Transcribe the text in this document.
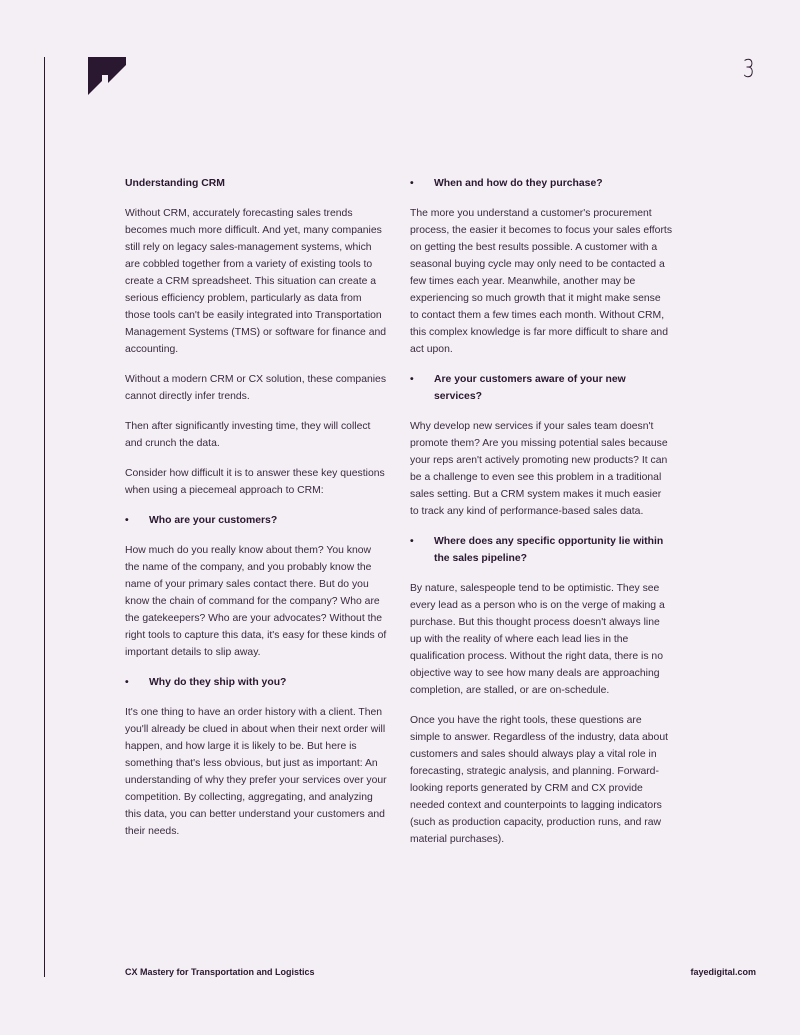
3

Understanding CRM

Without CRM, accurately forecasting sales trends becomes much more difficult. And yet, many companies still rely on legacy sales-management systems, which are cobbled together from a variety of existing tools to create a CRM spreadsheet. This situation can create a serious efficiency problem, particularly as data from those tools can't be easily integrated into Transportation Management Systems (TMS) or software for finance and accounting.

Without a modern CRM or CX solution, these companies cannot directly infer trends.

Then after significantly investing time, they will collect and crunch the data.

Consider how difficult it is to answer these key questions when using a piecemeal approach to CRM:

•	Who are your customers?

How much do you really know about them? You know the name of the company, and you probably know the name of your primary sales contact there. But do you know the chain of command for the company? Who are the gatekeepers? Who are your advocates? Without the right tools to capture this data, it's easy for these kinds of important details to slip away.

•	Why do they ship with you?

It's one thing to have an order history with a client. Then you'll already be clued in about when their next order will happen, and how large it is likely to be. But here is something that's less obvious, but just as important: An understanding of why they prefer your services over your competition. By collecting, aggregating, and analyzing this data, you can better understand your customers and their needs.

•	When and how do they purchase?

The more you understand a customer's procurement process, the easier it becomes to focus your sales efforts on getting the best results possible. A customer with a seasonal buying cycle may only need to be contacted a few times each year. Meanwhile, another may be experiencing so much growth that it might make sense to contact them a few times each month. Without CRM, this complex knowledge is far more difficult to share and act upon.

•	Are your customers aware of your new services?

Why develop new services if your sales team doesn't promote them? Are you missing potential sales because your reps aren't actively promoting new products? It can be a challenge to even see this problem in a traditional sales setting. But a CRM system makes it much easier to track any kind of performance-based sales data.

•	Where does any specific opportunity lie within the sales pipeline?

By nature, salespeople tend to be optimistic. They see every lead as a person who is on the verge of making a purchase. But this thought process doesn't always line up with the reality of where each lead lies in the qualification process. Without the right data, there is no objective way to see how many deals are approaching completion, are stalled, or are on-schedule.

Once you have the right tools, these questions are simple to answer. Regardless of the industry, data about customers and sales should always play a vital role in forecasting, strategic analysis, and planning. Forward-looking reports generated by CRM and CX provide needed context and counterpoints to lagging indicators (such as production capacity, production runs, and raw material purchases).

CX Mastery for Transportation and Logistics	fayedigital.com
